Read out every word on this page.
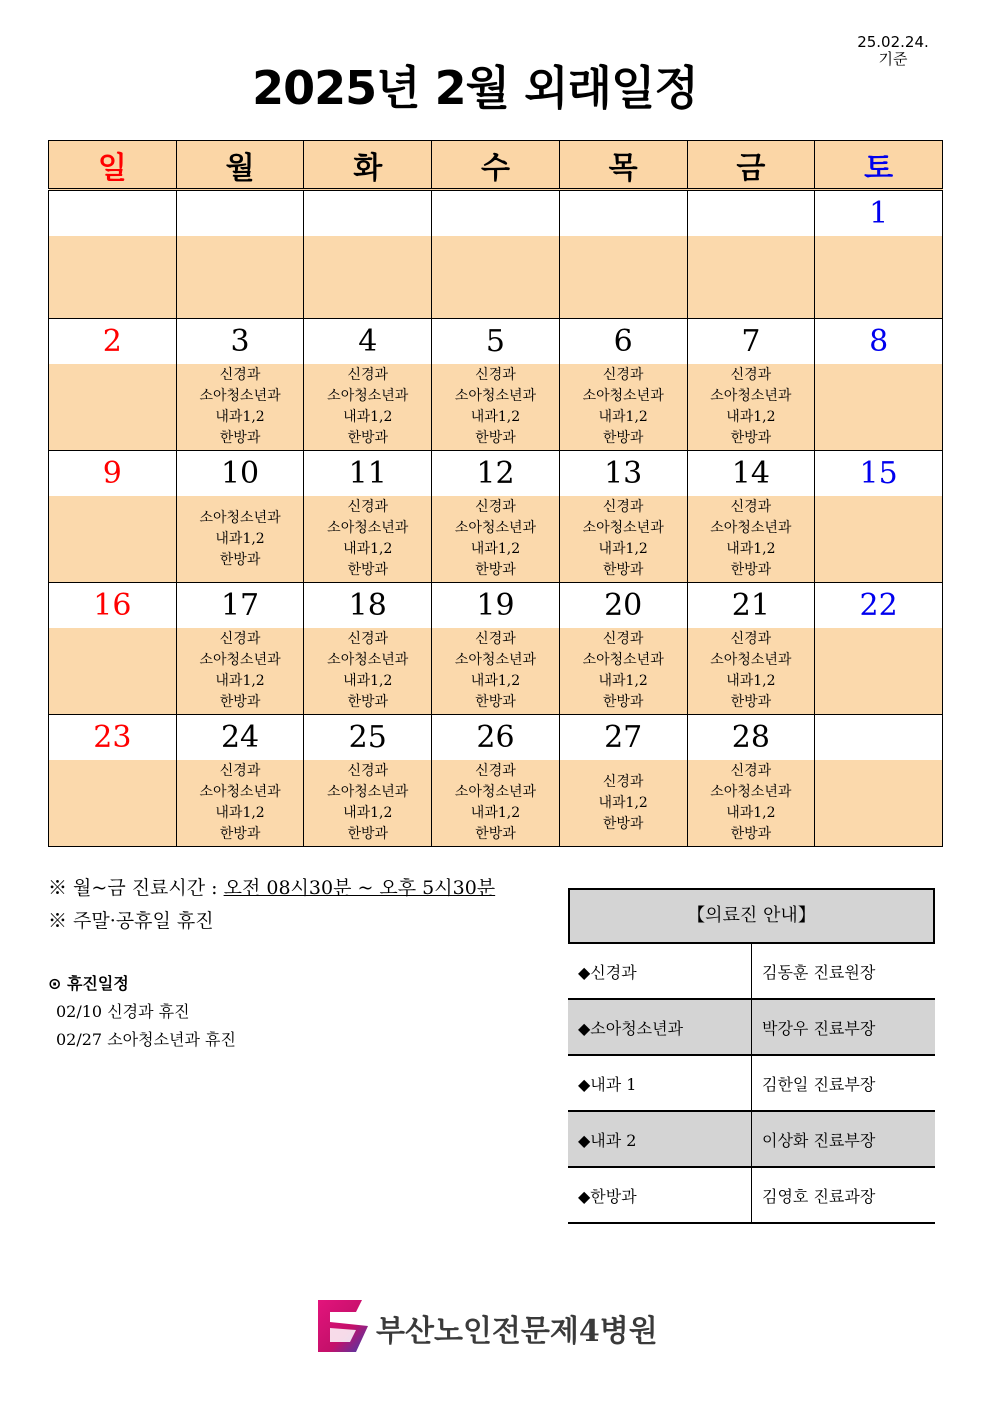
25.02.24.
기준
2025년 2월 외래일정
일	월	화	수	목	금	토
						1

2	3	4	5	6	7	8

	신경과
소아청소년과
내과1,2
한방과	신경과
소아청소년과
내과1,2
한방과	신경과
소아청소년과
내과1,2
한방과	신경과
소아청소년과
내과1,2
한방과	신경과
소아청소년과
내과1,2
한방과	

9	10	11	12	13	14	15

	소아청소년과
내과1,2
한방과	신경과
소아청소년과
내과1,2
한방과	신경과
소아청소년과
내과1,2
한방과	신경과
소아청소년과
내과1,2
한방과	신경과
소아청소년과
내과1,2
한방과	

16	17	18	19	20	21	22

	신경과
소아청소년과
내과1,2
한방과	신경과
소아청소년과
내과1,2
한방과	신경과
소아청소년과
내과1,2
한방과	신경과
소아청소년과
내과1,2
한방과	신경과
소아청소년과
내과1,2
한방과	

23	24	25	26	27	28	

	신경과
소아청소년과
내과1,2
한방과	신경과
소아청소년과
내과1,2
한방과	신경과
소아청소년과
내과1,2
한방과	신경과
내과1,2
한방과	신경과
소아청소년과
내과1,2
한방과	

※ 월~금 진료시간 : 오전 08시30분 ~ 오후 5시30분
※ 주말·공휴일 휴진
⊙ 휴진일정
02/10 신경과 휴진
02/27 소아청소년과 휴진
【의료진 안내】
◆신경과	김동훈 진료원장
◆소아청소년과	박강우 진료부장
◆내과 1	김한일 진료부장
◆내과 2	이상화 진료부장
◆한방과	김영호 진료과장
부산노인전문제4병원
